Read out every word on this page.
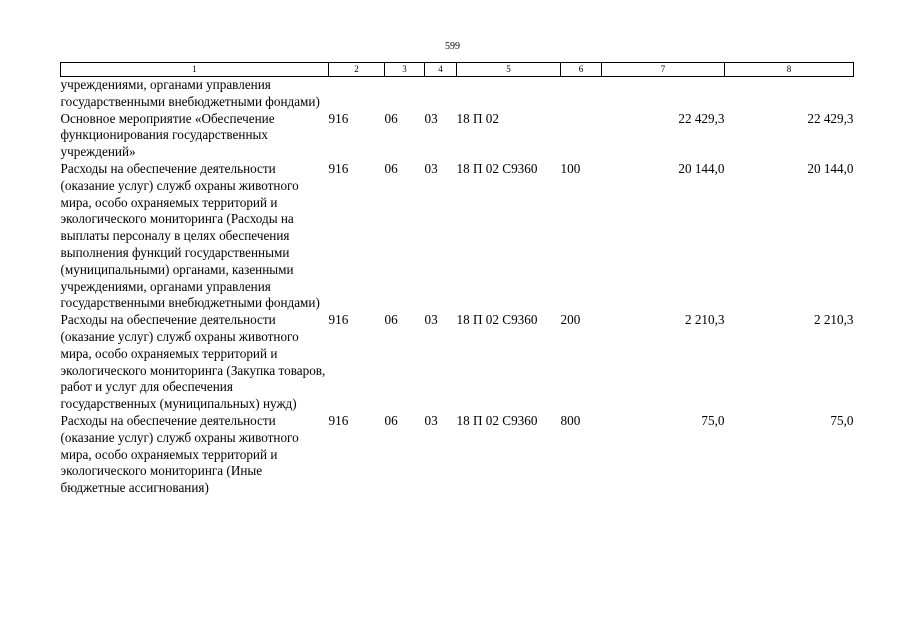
599
1	2	3	4	5	6	7	8
учреждениями, органами управления государственными внебюджетными фондами)							
Основное мероприятие «Обеспечение функционирования государственных учреждений»	916	06	03	18 П 02		22 429,3	22 429,3
Расходы на обеспечение деятельности (оказание услуг) служб охраны животного мира, особо охраняемых территорий и экологического мониторинга (Расходы на выплаты персоналу в целях обеспечения выполнения функций государственными (муниципальными) органами, казенными учреждениями, органами управления государственными внебюджетными фондами)	916	06	03	18 П 02 С9360	100	20 144,0	20 144,0
Расходы на обеспечение деятельности (оказание услуг) служб охраны животного мира, особо охраняемых территорий и экологического мониторинга (Закупка товаров, работ и услуг для обеспечения государственных (муниципальных) нужд)	916	06	03	18 П 02 С9360	200	2 210,3	2 210,3
Расходы на обеспечение деятельности (оказание услуг) служб охраны животного мира, особо охраняемых территорий и экологического мониторинга (Иные бюджетные ассигнования)	916	06	03	18 П 02 С9360	800	75,0	75,0
